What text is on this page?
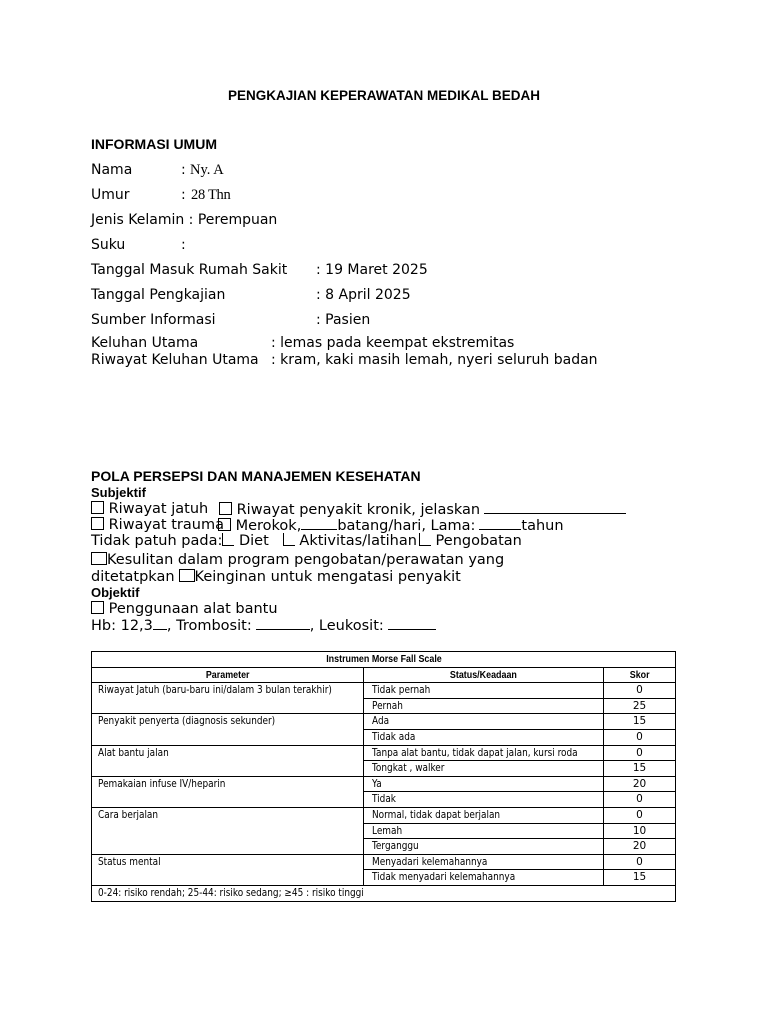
PENGKAJIAN KEPERAWATAN MEDIKAL BEDAH
INFORMASI UMUM
Nama	: Ny. A
Umur	: 28 Thn
Jenis Kelamin : Perempuan
Suku	:
Tanggal Masuk Rumah Sakit : 19 Maret 2025
Tanggal Pengkajian	: 8 April 2025
Sumber Informasi	: Pasien
Keluhan Utama	: lemas pada keempat ekstremitas
Riwayat Keluhan Utama : kram, kaki masih lemah, nyeri seluruh badan
POLA PERSEPSI DAN MANAJEMEN KESEHATAN
Subjektif
Riwayat jatuh	Riwayat penyakit kronik, jelaskan
Riwayat trauma Merokok, batang/hari, Lama:	tahun
Tidak patuh pada: Diet Aktivitas/latihan Pengobatan
Kesulitan dalam program pengobatan/perawatan yang
ditetatpkan Keinginan untuk mengatasi penyakit
Objektif
Penggunaan alat bantu
Hb: 12,3 , Trombosit:	, Leukosit:
Instrumen Morse Fall Scale		
Parameter	Status/Keadaan	Skor
Riwayat Jatuh (baru-baru ini/dalam 3 bulan terakhir)	Tidak pernah	0
	Pernah	25
Penyakit penyerta (diagnosis sekunder)	Ada	15
	Tidak ada	0
Alat bantu jalan	Tanpa alat bantu, tidak dapat jalan, kursi roda	0
	Tongkat , walker	15
Pemakaian infuse IV/heparin	Ya	20
	Tidak	0
Cara berjalan	Normal, tidak dapat berjalan	0
	Lemah	10
	Terganggu	20
Status mental	Menyadari kelemahannya	0
	Tidak menyadari kelemahannya	15
0-24: risiko rendah; 25-44: risiko sedang; ≥45 : risiko tinggi		
